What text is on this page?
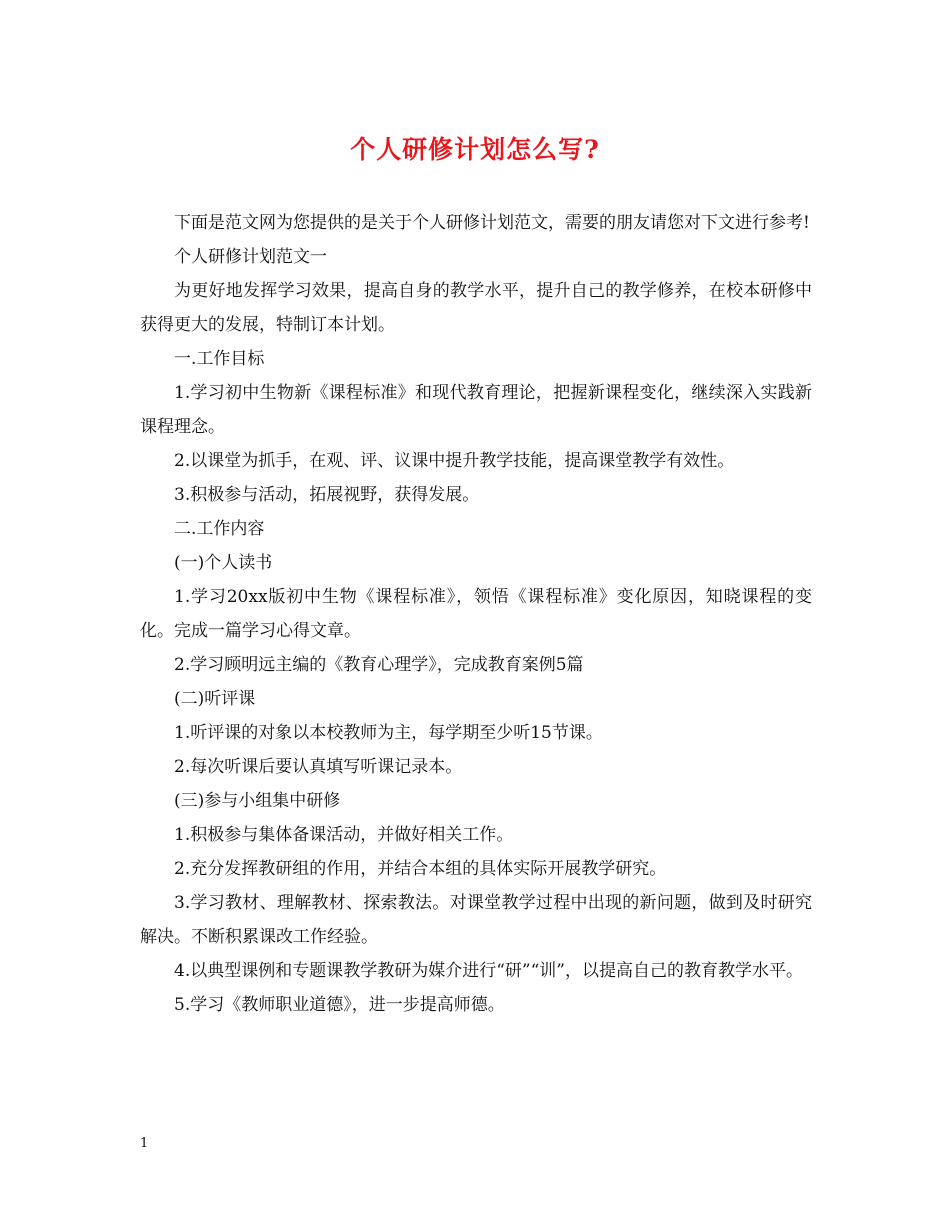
个人研修计划怎么写?

下面是范文网为您提供的是关于个人研修计划范文，需要的朋友请您对下文进行参考!

个人研修计划范文一

为更好地发挥学习效果，提高自身的教学水平，提升自己的教学修养，在校本研修中获得更大的发展，特制订本计划。

一.工作目标

1.学习初中生物新《课程标准》和现代教育理论，把握新课程变化，继续深入实践新课程理念。

2.以课堂为抓手，在观、评、议课中提升教学技能，提高课堂教学有效性。

3.积极参与活动，拓展视野，获得发展。

二.工作内容

(一)个人读书

1.学习20xx版初中生物《课程标准》，领悟《课程标准》变化原因，知晓课程的变化。完成一篇学习心得文章。

2.学习顾明远主编的《教育心理学》，完成教育案例5篇

(二)听评课

1.听评课的对象以本校教师为主，每学期至少听15节课。

2.每次听课后要认真填写听课记录本。

(三)参与小组集中研修

1.积极参与集体备课活动，并做好相关工作。

2.充分发挥教研组的作用，并结合本组的具体实际开展教学研究。

3.学习教材、理解教材、探索教法。对课堂教学过程中出现的新问题，做到及时研究解决。不断积累课改工作经验。

4.以典型课例和专题课教学教研为媒介进行“研”“训”，以提高自己的教育教学水平。

5.学习《教师职业道德》，进一步提高师德。

1
